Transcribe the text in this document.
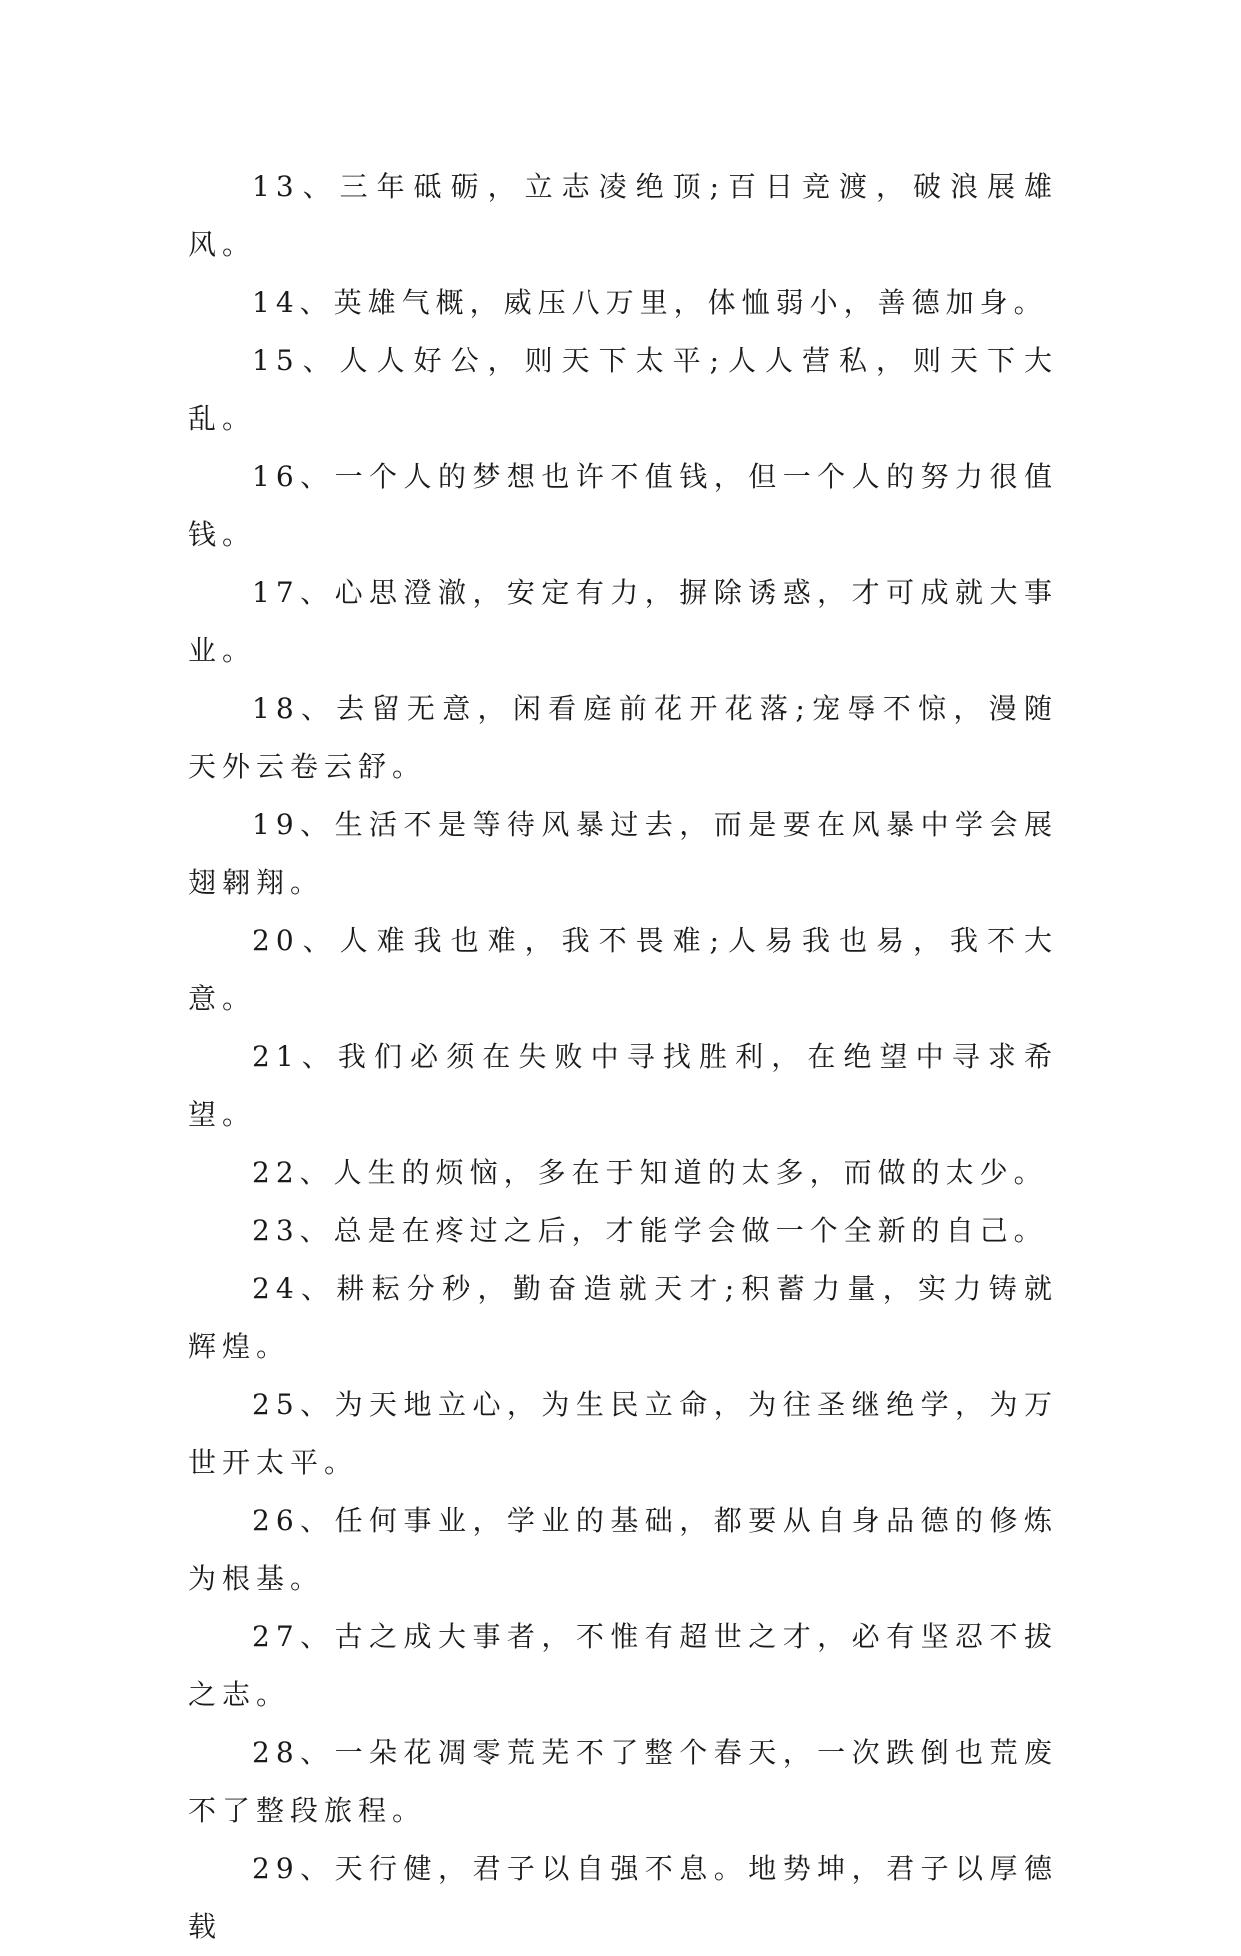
13、三年砥砺，立志凌绝顶;百日竞渡，破浪展雄风。

14、英雄气概，威压八万里，体恤弱小，善德加身。

15、人人好公，则天下太平;人人营私，则天下大乱。

16、一个人的梦想也许不值钱，但一个人的努力很值钱。

17、心思澄澈，安定有力，摒除诱惑，才可成就大事业。

18、去留无意，闲看庭前花开花落;宠辱不惊，漫随天外云卷云舒。

19、生活不是等待风暴过去，而是要在风暴中学会展翅翱翔。

20、人难我也难，我不畏难;人易我也易，我不大意。

21、我们必须在失败中寻找胜利，在绝望中寻求希望。

22、人生的烦恼，多在于知道的太多，而做的太少。

23、总是在疼过之后，才能学会做一个全新的自己。

24、耕耘分秒，勤奋造就天才;积蓄力量，实力铸就辉煌。

25、为天地立心，为生民立命，为往圣继绝学，为万世开太平。

26、任何事业，学业的基础，都要从自身品德的修炼为根基。

27、古之成大事者，不惟有超世之才，必有坚忍不拔之志。

28、一朵花凋零荒芜不了整个春天，一次跌倒也荒废不了整段旅程。

29、天行健，君子以自强不息。地势坤，君子以厚德载
